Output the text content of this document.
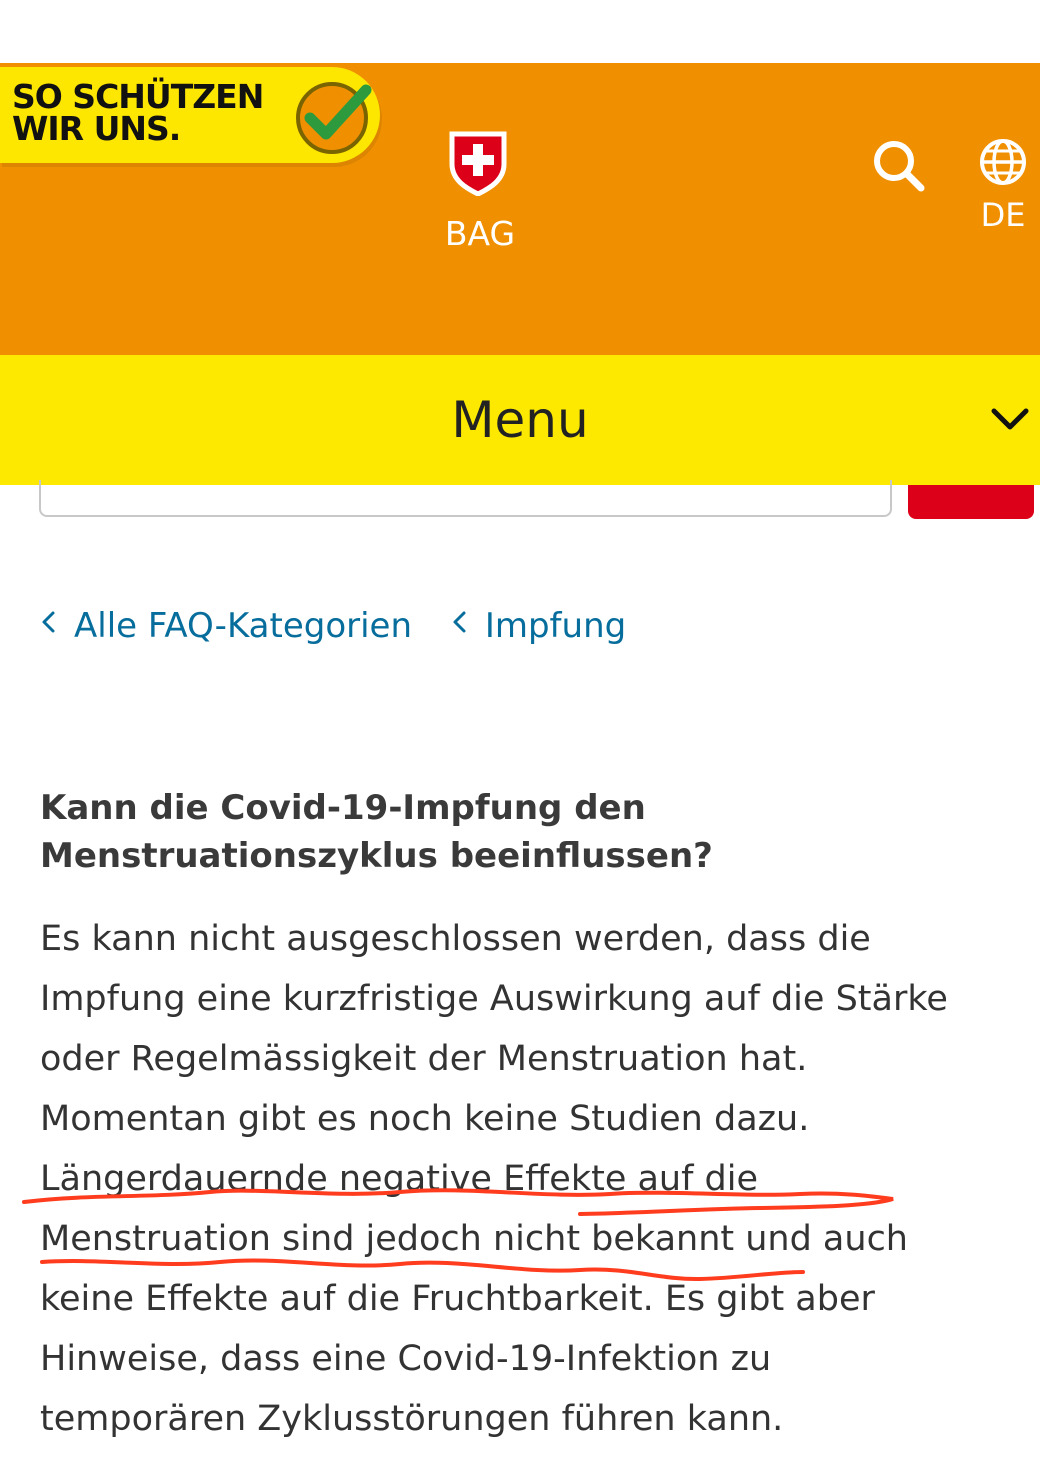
SO SCHÜTZEN
WIR UNS.
BAG	DE
Menu
Alle FAQ-Kategorien Impfung
Kann die Covid-19-Impfung den Menstruationszyklus beeinflussen?
Es kann nicht ausgeschlossen werden, dass die
Impfung eine kurzfristige Auswirkung auf die Stärke
oder Regelmässigkeit der Menstruation hat.
Momentan gibt es noch keine Studien dazu.
Längerdauernde negative Effekte auf die
Menstruation sind jedoch nicht bekannt und auch
keine Effekte auf die Fruchtbarkeit. Es gibt aber
Hinweise, dass eine Covid-19-Infektion zu
temporären Zyklusstörungen führen kann.
